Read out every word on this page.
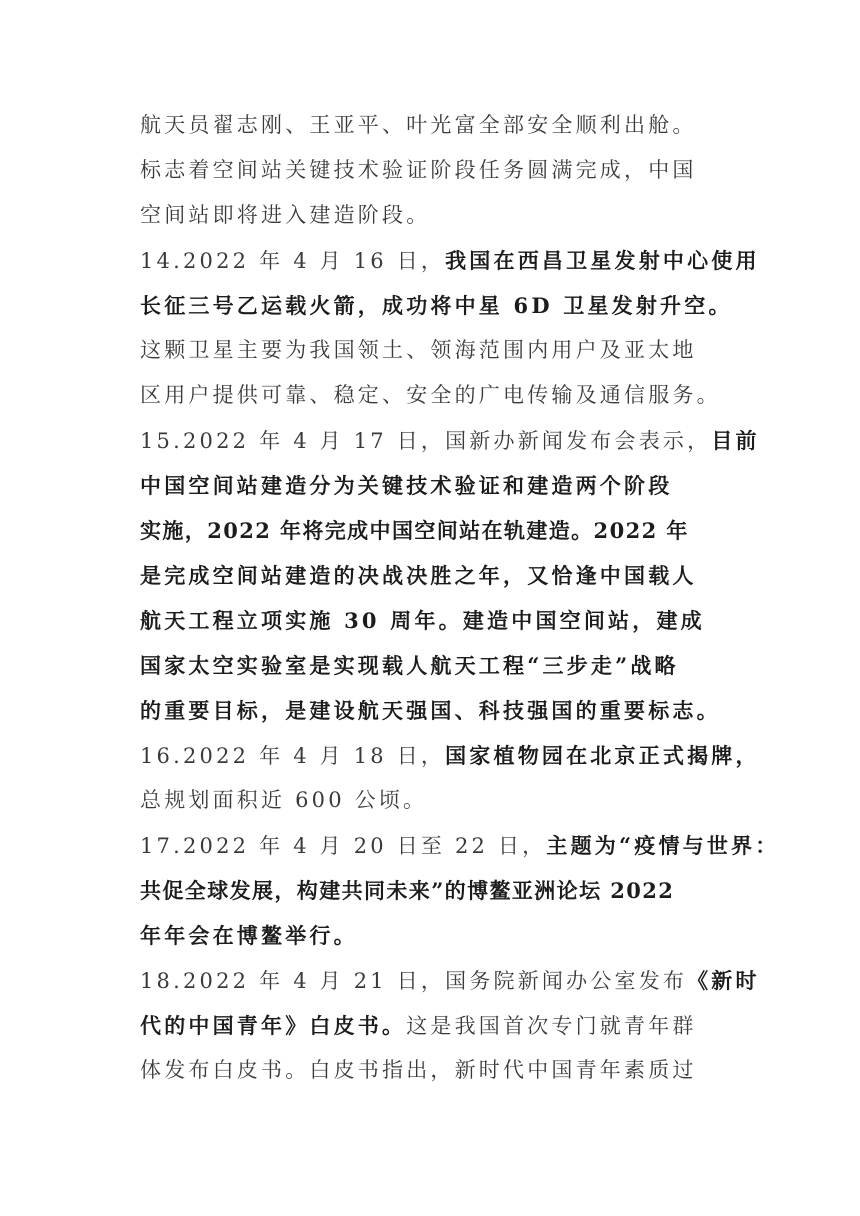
航天员翟志刚、王亚平、叶光富全部安全顺利出舱。
标志着空间站关键技术验证阶段任务圆满完成，中国
空间站即将进入建造阶段。
14.2022 年 4 月 16 日，我国在西昌卫星发射中心使用
长征三号乙运载火箭，成功将中星 6D 卫星发射升空。
这颗卫星主要为我国领土、领海范围内用户及亚太地
区用户提供可靠、稳定、安全的广电传输及通信服务。
15.2022 年 4 月 17 日，国新办新闻发布会表示，目前
中国空间站建造分为关键技术验证和建造两个阶段
实施，2022 年将完成中国空间站在轨建造。2022 年
是完成空间站建造的决战决胜之年，又恰逢中国载人
航天工程立项实施 30 周年。建造中国空间站，建成
国家太空实验室是实现载人航天工程“三步走”战略
的重要目标，是建设航天强国、科技强国的重要标志。
16.2022 年 4 月 18 日，国家植物园在北京正式揭牌，
总规划面积近 600 公顷。
17.2022 年 4 月 20 日至 22 日，主题为“疫情与世界：
共促全球发展，构建共同未来”的博鳌亚洲论坛 2022
年年会在博鳌举行。
18.2022 年 4 月 21 日，国务院新闻办公室发布《新时
代的中国青年》白皮书。这是我国首次专门就青年群
体发布白皮书。白皮书指出，新时代中国青年素质过
